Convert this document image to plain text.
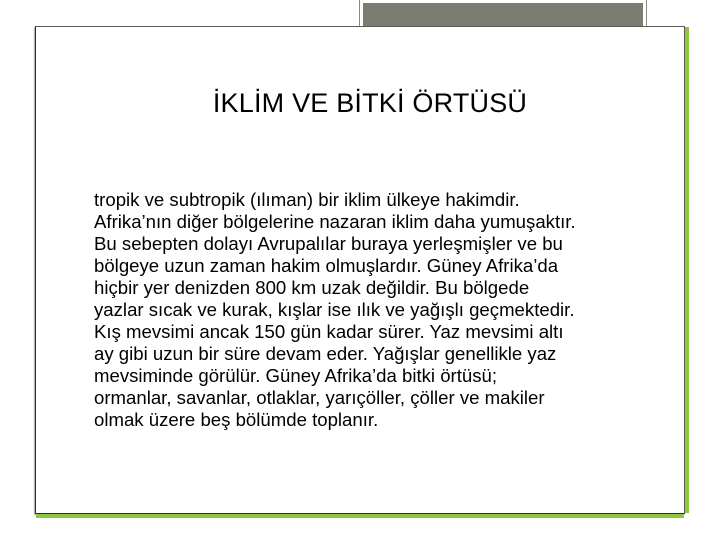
İKLİM VE BİTKİ ÖRTÜSÜ
tropik ve subtropik (ılıman) bir iklim ülkeye hakimdir.
Afrika’nın diğer bölgelerine nazaran iklim daha yumuşaktır.
Bu sebepten dolayı Avrupalılar buraya yerleşmişler ve bu
bölgeye uzun zaman hakim olmuşlardır. Güney Afrika’da
hiçbir yer denizden 800 km uzak değildir. Bu bölgede
yazlar sıcak ve kurak, kışlar ise ılık ve yağışlı geçmektedir.
Kış mevsimi ancak 150 gün kadar sürer. Yaz mevsimi altı
ay gibi uzun bir süre devam eder. Yağışlar genellikle yaz
mevsiminde görülür. Güney Afrika’da bitki örtüsü;
ormanlar, savanlar, otlaklar, yarıçöller, çöller ve makiler
olmak üzere beş bölümde toplanır.
